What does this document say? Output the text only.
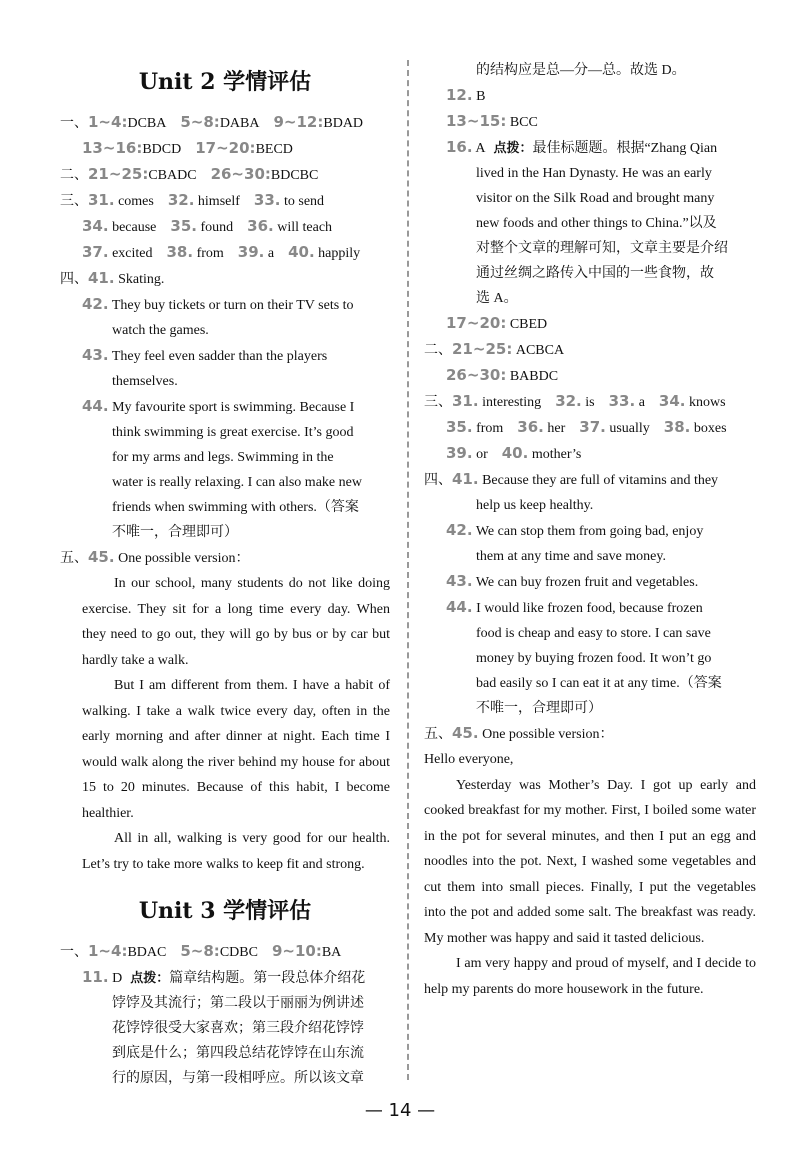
Unit 2 学情评估
一、1~4:DCBA 5~8:DABA 9~12:BDAD
13~16:BDCD 17~20:BECD
二、21~25:CBADC 26~30:BDCBC
三、31. comes 32. himself 33. to send
34. because 35. found 36. will teach
37. excited 38. from 39. a 40. happily
四、41. Skating.
42. They buy tickets or turn on their TV sets to
watch the games.
43. They feel even sadder than the players
themselves.
44. My favourite sport is swimming. Because I
think swimming is great exercise. It’s good
for my arms and legs. Swimming in the
water is really relaxing. I can also make new
friends when swimming with others.（答案
不唯一，合理即可）
五、45. One possible version：

In our school, many students do not like doing exercise. They sit for a long time every day. When they need to go out, they will go by bus or by car but hardly take a walk.

But I am different from them. I have a habit of walking. I take a walk twice every day, often in the early morning and after dinner at night. Each time I would walk along the river behind my house for about 15 to 20 minutes. Because of this habit, I become healthier.

All in all, walking is very good for our health. Let’s try to take more walks to keep fit and strong.

Unit 3 学情评估
一、1~4:BDAC 5~8:CDBC 9~10:BA
11. D 点拨：篇章结构题。第一段总体介绍花
饽饽及其流行；第二段以于丽丽为例讲述
花饽饽很受大家喜欢；第三段介绍花饽饽
到底是什么；第四段总结花饽饽在山东流
行的原因，与第一段相呼应。所以该文章
的结构应是总—分—总。故选 D。
12. B
13~15: BCC
16. A 点拨：最佳标题题。根据“Zhang Qian
lived in the Han Dynasty. He was an early
visitor on the Silk Road and brought many
new foods and other things to China.”以及
对整个文章的理解可知，文章主要是介绍
通过丝绸之路传入中国的一些食物，故
选 A。
17~20: CBED
二、21~25: ACBCA
26~30: BABDC
三、31. interesting 32. is 33. a 34. knows
35. from 36. her 37. usually 38. boxes
39. or 40. mother’s
四、41. Because they are full of vitamins and they
help us keep healthy.
42. We can stop them from going bad, enjoy
them at any time and save money.
43. We can buy frozen fruit and vegetables.
44. I would like frozen food, because frozen
food is cheap and easy to store. I can save
money by buying frozen food. It won’t go
bad easily so I can eat it at any time.（答案
不唯一，合理即可）
五、45. One possible version：

Hello everyone,

Yesterday was Mother’s Day. I got up early and cooked breakfast for my mother. First, I boiled some water in the pot for several minutes, and then I put an egg and noodles into the pot. Next, I washed some vegetables and cut them into small pieces. Finally, I put the vegetables into the pot and added some salt. The breakfast was ready. My mother was happy and said it tasted delicious.

I am very happy and proud of myself, and I decide to help my parents do more housework in the future.

— 14 —
